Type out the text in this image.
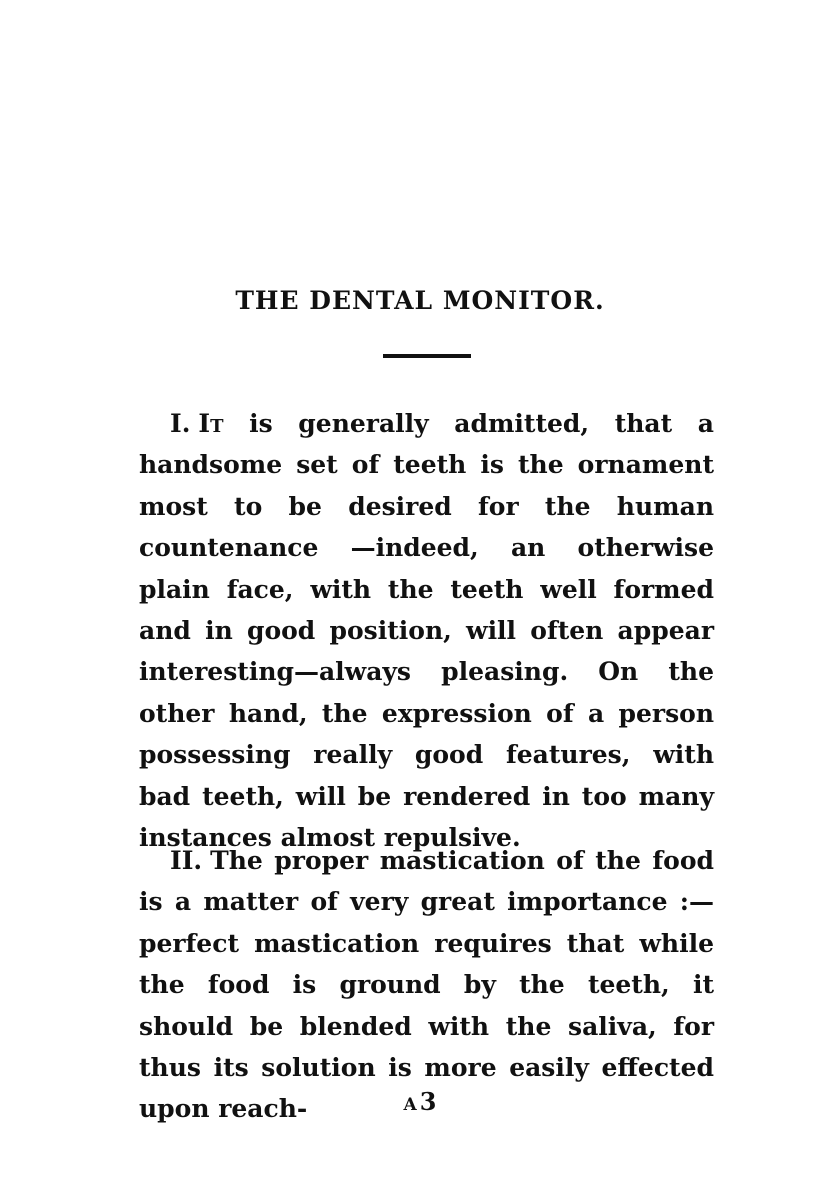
THE DENTAL MONITOR.

I. It is generally admitted, that a handsome set of teeth is the ornament most to be desired for the human countenance —indeed, an otherwise plain face, with the teeth well formed and in good position, will often appear interesting—always pleasing. On the other hand, the expression of a person possessing really good features, with bad teeth, will be rendered in too many instances almost repulsive.

II. The proper mastication of the food is a matter of very great importance :—perfect mastication requires that while the food is ground by the teeth, it should be blended with the saliva, for thus its solution is more easily effected upon reach-	A 3
